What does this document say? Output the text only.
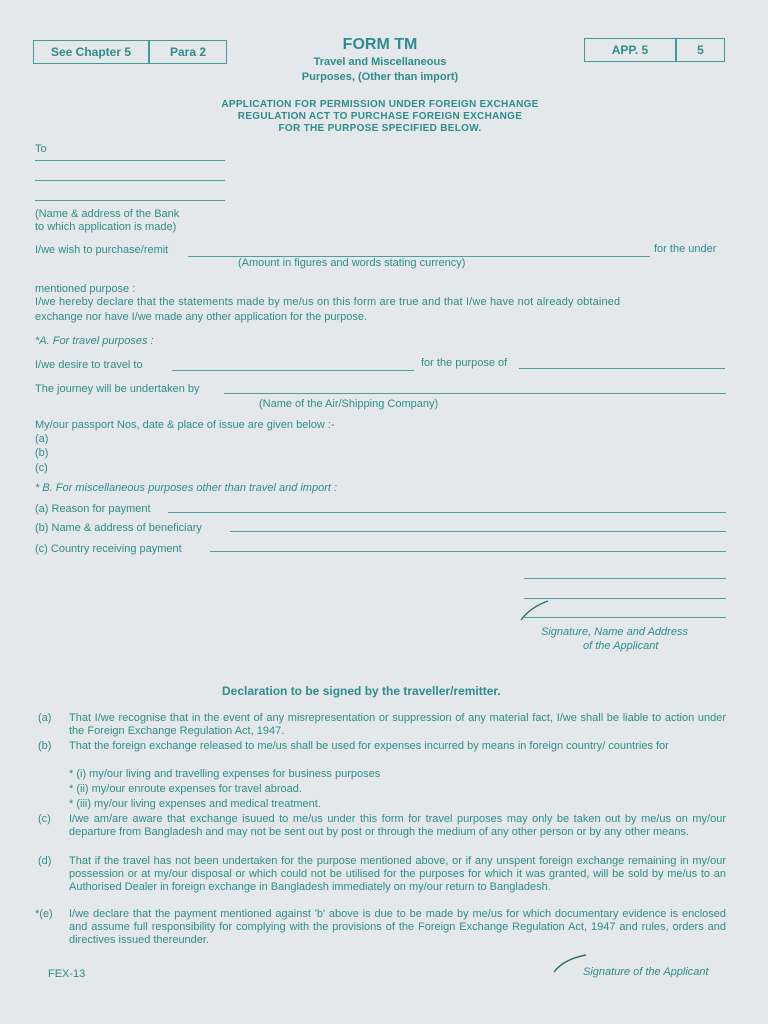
See Chapter 5	Para 2	APP. 5	5
FORM TM
Travel and Miscellaneous
Purposes, (Other than import)
APPLICATION FOR PERMISSION UNDER FOREIGN EXCHANGE
REGULATION ACT TO PURCHASE FOREIGN EXCHANGE
FOR THE PURPOSE SPECIFIED BELOW.
To
(Name & address of the Bank
to which application is made)
I/we wish to purchase/remit	for the under
(Amount in figures and words stating currency)
mentioned purpose :
I/we hereby declare that the statements made by me/us on this form are true and that I/we have not already obtained
exchange nor have I/we made any other application for the purpose.
*A. For travel purposes :
I/we desire to travel to	for the purpose of
The journey will be undertaken by
(Name of the Air/Shipping Company)
My/our passport Nos, date & place of issue are given below :-
(a)
(b)
(c)
* B. For miscellaneous purposes other than travel and import :
(a) Reason for payment
(b) Name & address of beneficiary
(c) Country receiving payment
Signature, Name and Address
of the Applicant
Declaration to be signed by the traveller/remitter.
(a) That I/we recognise that in the event of any misrepresentation or suppression of any material fact, I/we shall be liable to action under the Foreign Exchange Regulation Act, 1947.
(b) That the foreign exchange released to me/us shall be used for expenses incurred by means in foreign country/ countries for
* (i) my/our living and travelling expenses for business purposes
* (ii) my/our enroute expenses for travel abroad.
* (iii) my/our living expenses and medical treatment.
(c) I/we am/are aware that exchange isuued to me/us under this form for travel purposes may only be taken out by me/us on my/our departure from Bangladesh and may not be sent out by post or through the medium of any other person or by any other means.
(d) That if the travel has not been undertaken for the purpose mentioned above, or if any unspent foreign exchange remaining in my/our possession or at my/our disposal or which could not be utilised for the purposes for which it was granted, will be sold by me/us to an Authorised Dealer in foreign exchange in Bangladesh immediately on my/our return to Bangladesh.
*(e) I/we declare that the payment mentioned against 'b' above is due to be made by me/us for which documentary evidence is enclosed and assume full responsibility for complying with the provisions of the Foreign Exchange Regulation Act, 1947 and rules, orders and directives issued thereunder.
FEX-13	Signature of the Applicant
